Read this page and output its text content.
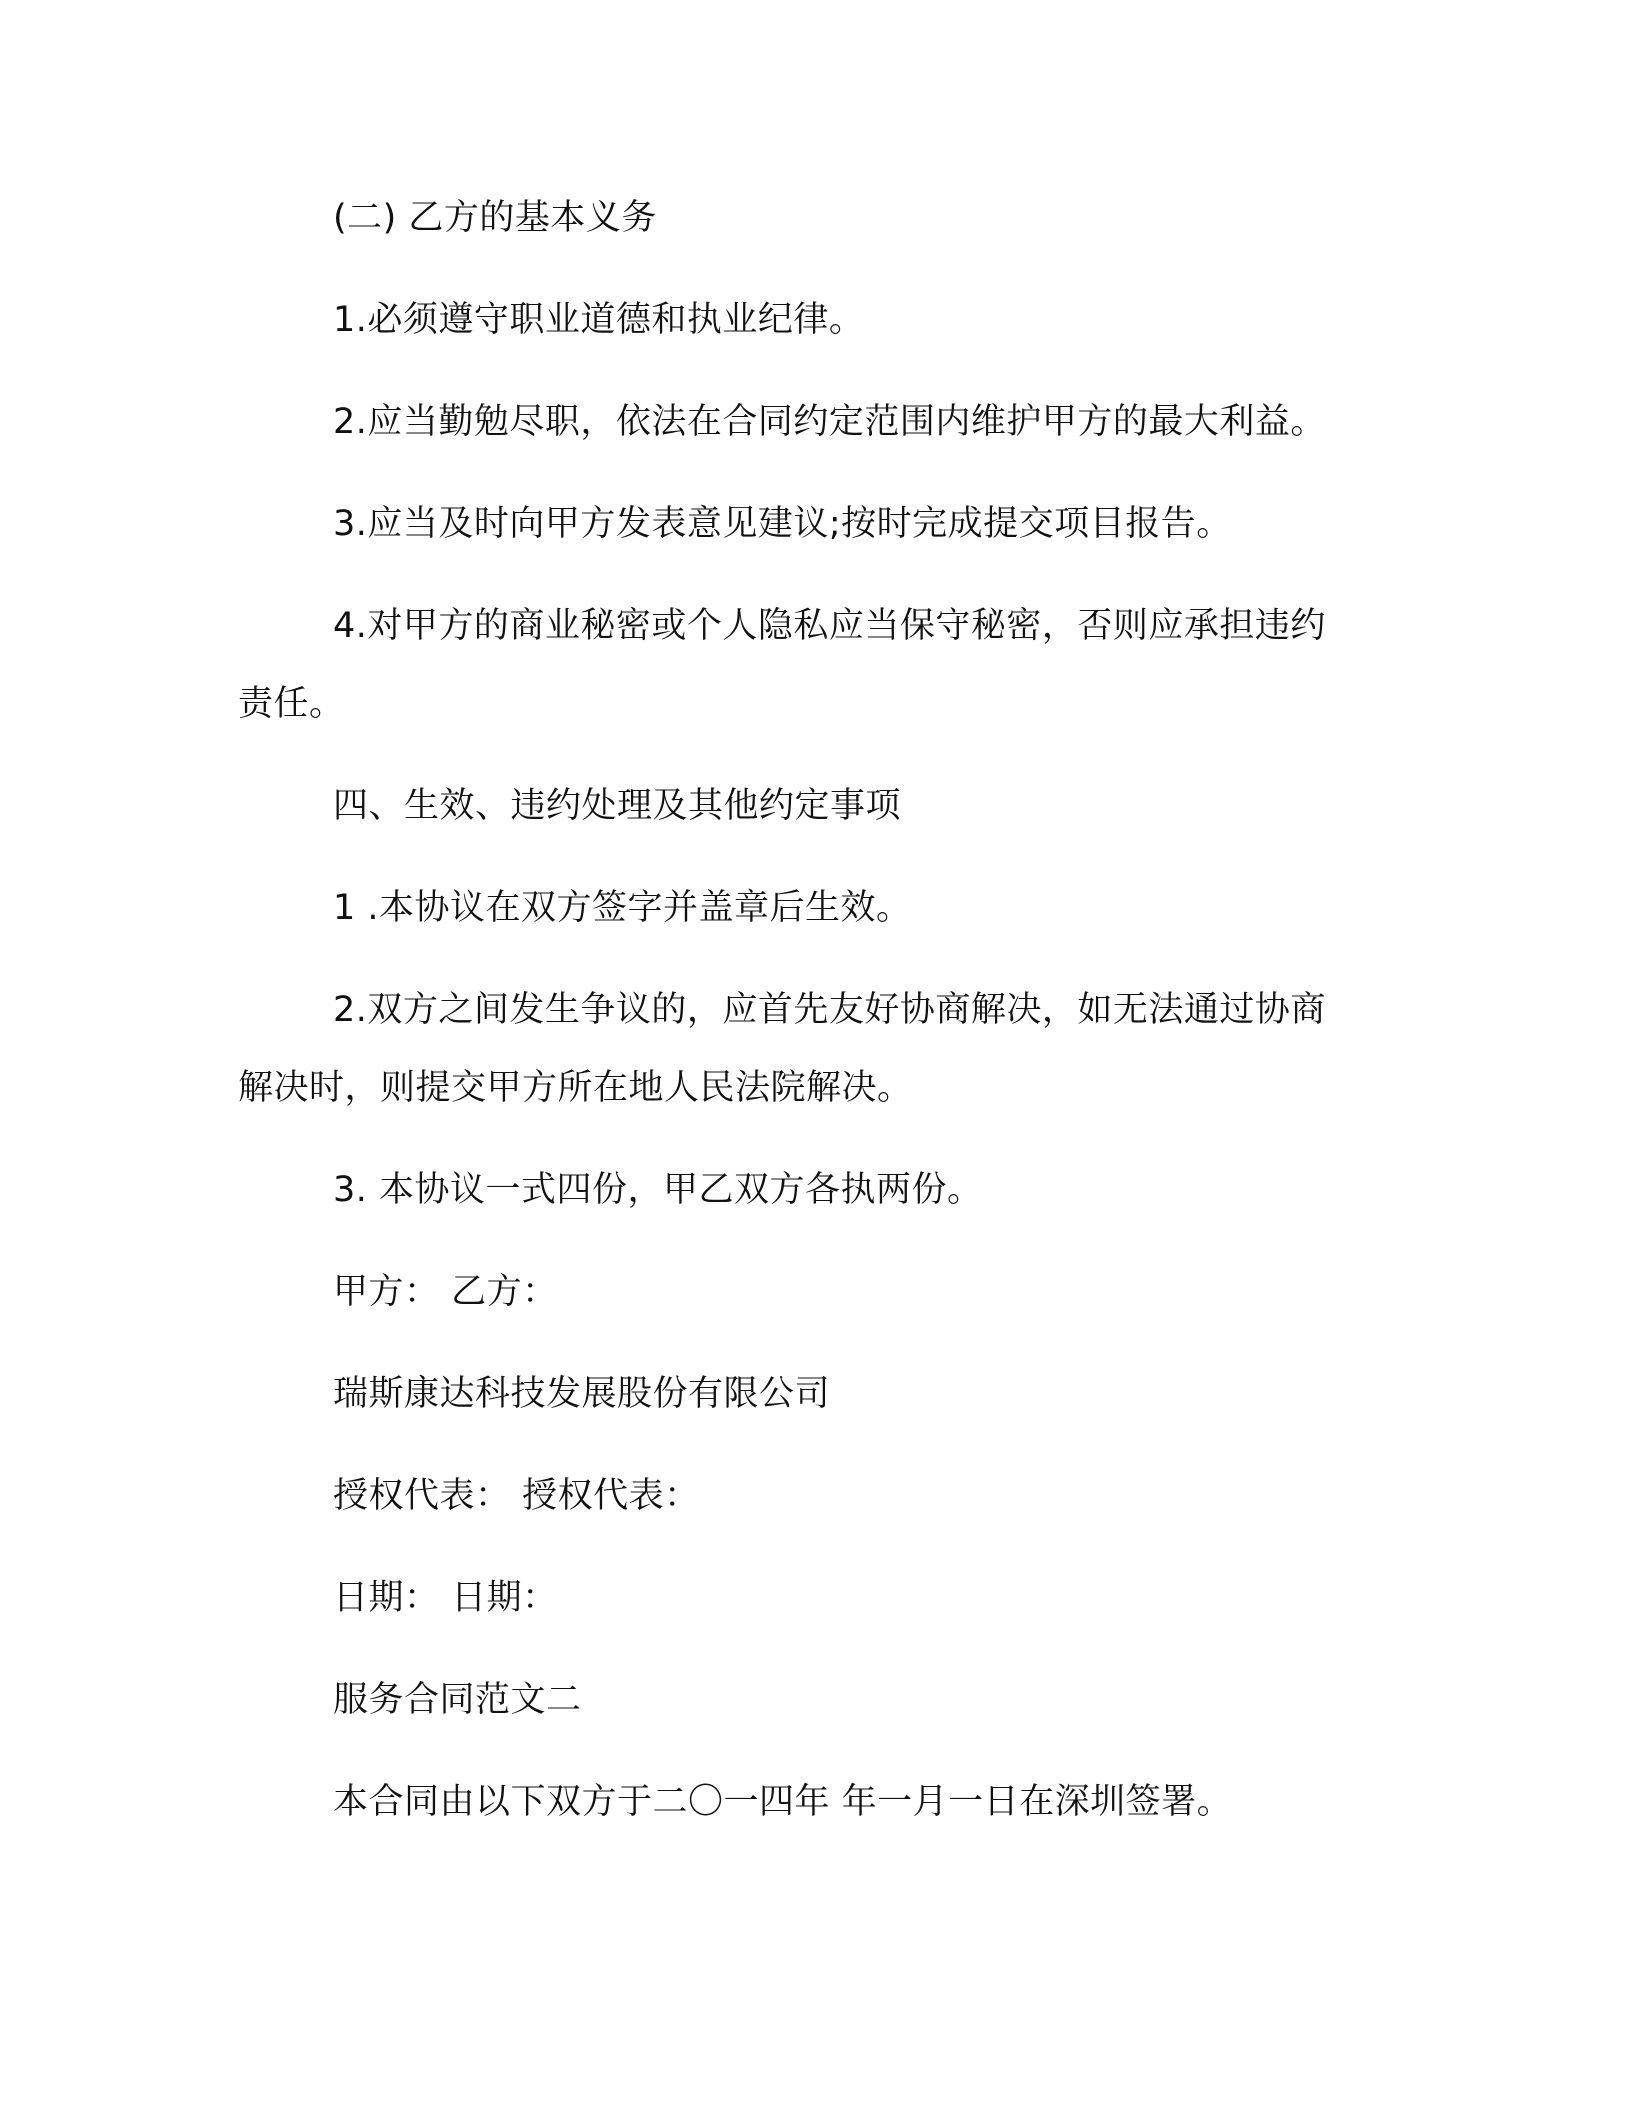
(二) 乙方的基本义务
1.必须遵守职业道德和执业纪律。
2.应当勤勉尽职，依法在合同约定范围内维护甲方的最大利益。
3.应当及时向甲方发表意见建议;按时完成提交项目报告。
4.对甲方的商业秘密或个人隐私应当保守秘密，否则应承担违约
责任。
四、生效、违约处理及其他约定事项
1 .本协议在双方签字并盖章后生效。
2.双方之间发生争议的，应首先友好协商解决，如无法通过协商
解决时，则提交甲方所在地人民法院解决。
3. 本协议一式四份，甲乙双方各执两份。
甲方： 乙方：
瑞斯康达科技发展股份有限公司
授权代表： 授权代表：
日期： 日期：
服务合同范文二
本合同由以下双方于二〇一四年 年一月一日在深圳签署。
